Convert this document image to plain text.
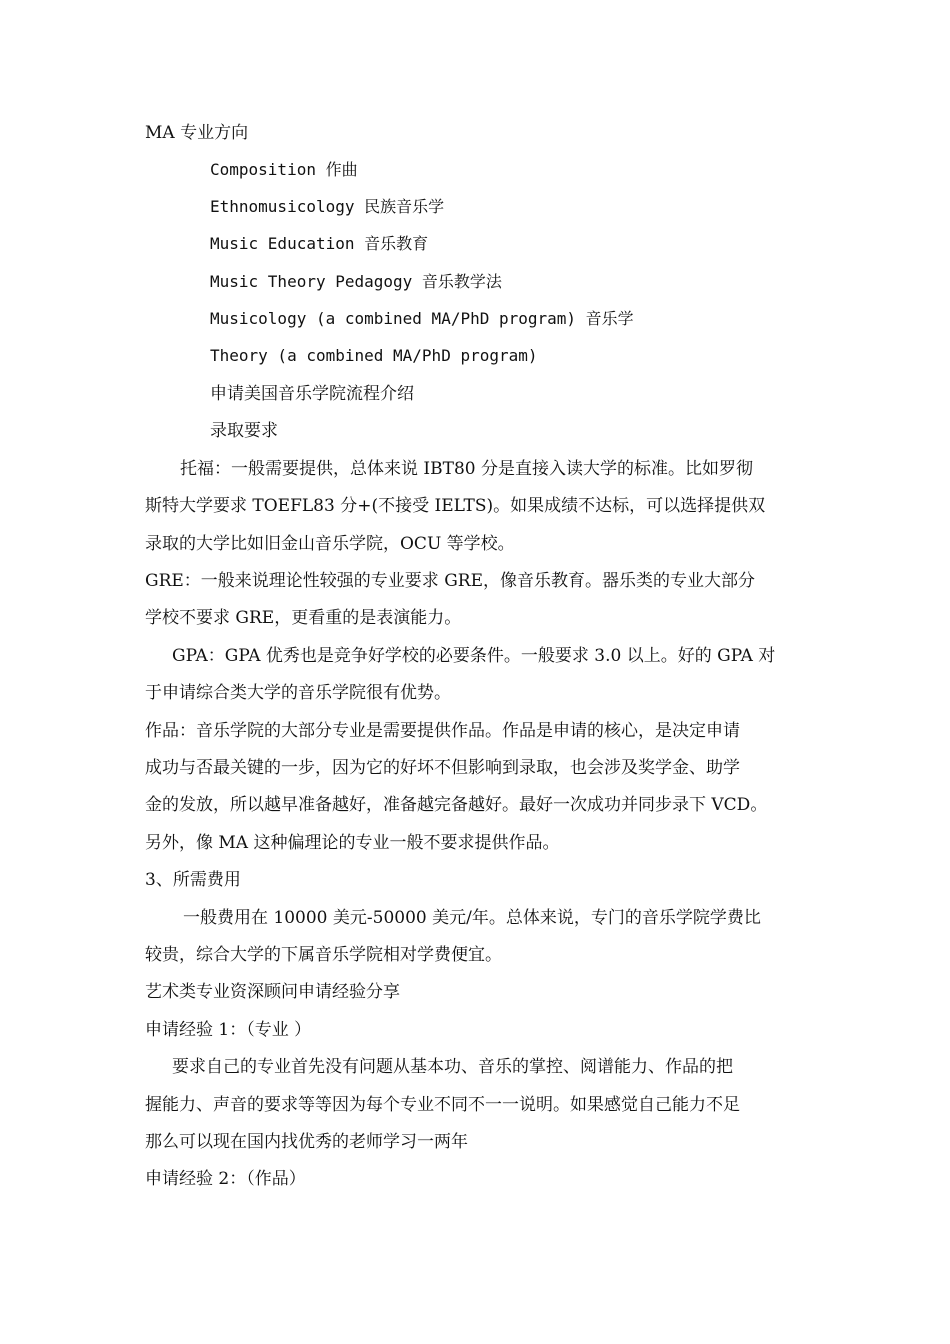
MA 专业方向
Composition 作曲
Ethnomusicology 民族音乐学
Music Education 音乐教育
Music Theory Pedagogy 音乐教学法
Musicology (a combined MA/PhD program) 音乐学
Theory (a combined MA/PhD program)
申请美国音乐学院流程介绍
录取要求
托福：一般需要提供，总体来说 IBT80 分是直接入读大学的标准。比如罗彻
斯特大学要求 TOEFL83 分+(不接受 IELTS)。如果成绩不达标，可以选择提供双
录取的大学比如旧金山音乐学院，OCU 等学校。
GRE：一般来说理论性较强的专业要求 GRE，像音乐教育。器乐类的专业大部分
学校不要求 GRE，更看重的是表演能力。
GPA：GPA 优秀也是竞争好学校的必要条件。一般要求 3.0 以上。好的 GPA 对
于申请综合类大学的音乐学院很有优势。
作品：音乐学院的大部分专业是需要提供作品。作品是申请的核心，是决定申请
成功与否最关键的一步，因为它的好坏不但影响到录取，也会涉及奖学金、助学
金的发放，所以越早准备越好，准备越完备越好。最好一次成功并同步录下 VCD。
另外，像 MA 这种偏理论的专业一般不要求提供作品。
3、所需费用
一般费用在 10000 美元-50000 美元/年。总体来说，专门的音乐学院学费比
较贵，综合大学的下属音乐学院相对学费便宜。
艺术类专业资深顾问申请经验分享
申请经验 1：（专业 ）
要求自己的专业首先没有问题从基本功、音乐的掌控、阅谱能力、作品的把
握能力、声音的要求等等因为每个专业不同不一一说明。如果感觉自己能力不足
那么可以现在国内找优秀的老师学习一两年
申请经验 2：（作品）
